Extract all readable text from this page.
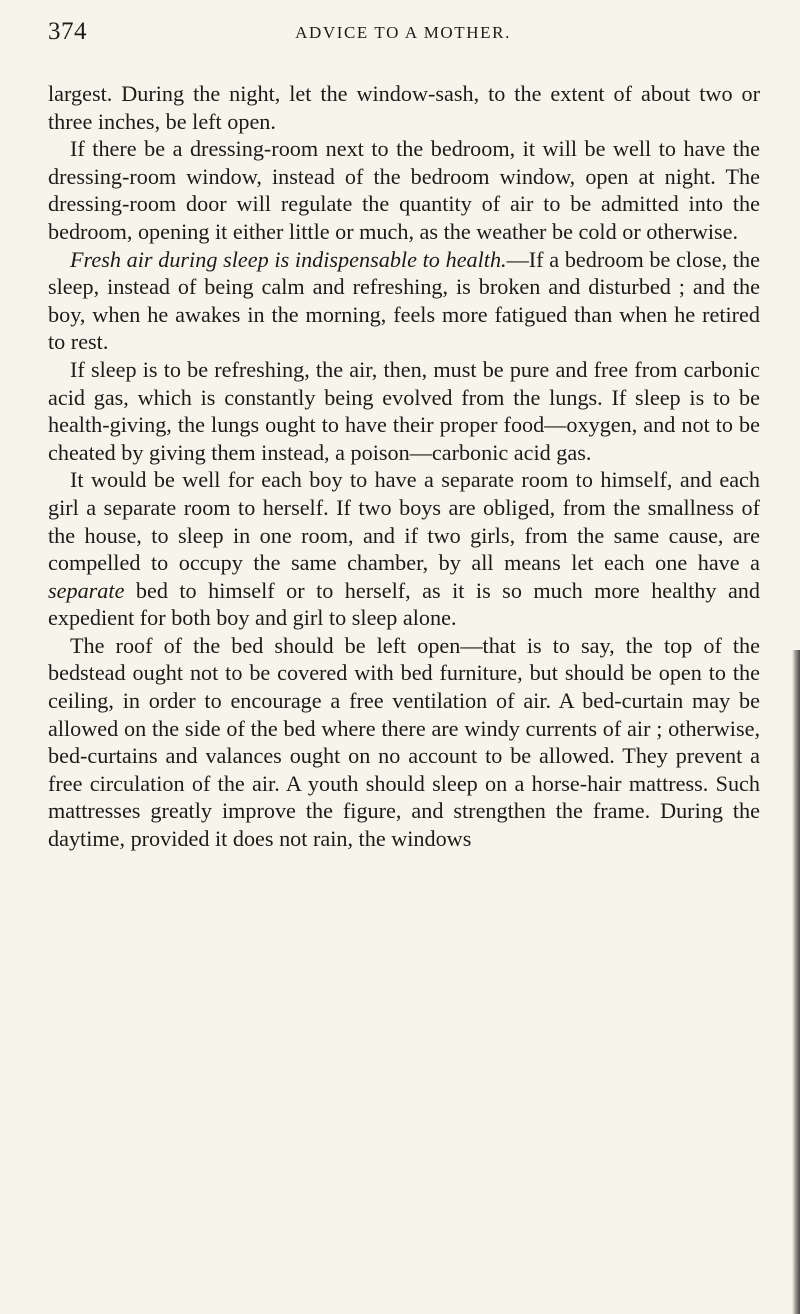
374	ADVICE TO A MOTHER.

largest. During the night, let the window-sash, to the extent of about two or three inches, be left open.

If there be a dressing-room next to the bedroom, it will be well to have the dressing-room window, instead of the bedroom window, open at night. The dressing-room door will regulate the quantity of air to be admitted into the bedroom, opening it either little or much, as the weather be cold or otherwise.

Fresh air during sleep is indispensable to health.—If a bedroom be close, the sleep, instead of being calm and refreshing, is broken and disturbed ; and the boy, when he awakes in the morning, feels more fatigued than when he retired to rest.

If sleep is to be refreshing, the air, then, must be pure and free from carbonic acid gas, which is constantly being evolved from the lungs. If sleep is to be health-giving, the lungs ought to have their proper food—oxygen, and not to be cheated by giving them instead, a poison—carbonic acid gas.

It would be well for each boy to have a separate room to himself, and each girl a separate room to herself. If two boys are obliged, from the smallness of the house, to sleep in one room, and if two girls, from the same cause, are compelled to occupy the same chamber, by all means let each one have a separate bed to himself or to herself, as it is so much more healthy and expedient for both boy and girl to sleep alone.

The roof of the bed should be left open—that is to say, the top of the bedstead ought not to be covered with bed furniture, but should be open to the ceiling, in order to encourage a free ventilation of air. A bed-curtain may be allowed on the side of the bed where there are windy currents of air ; otherwise, bed-curtains and valances ought on no account to be allowed. They prevent a free circulation of the air. A youth should sleep on a horse-hair mattress. Such mattresses greatly improve the figure, and strengthen the frame. During the daytime, provided it does not rain, the windows
